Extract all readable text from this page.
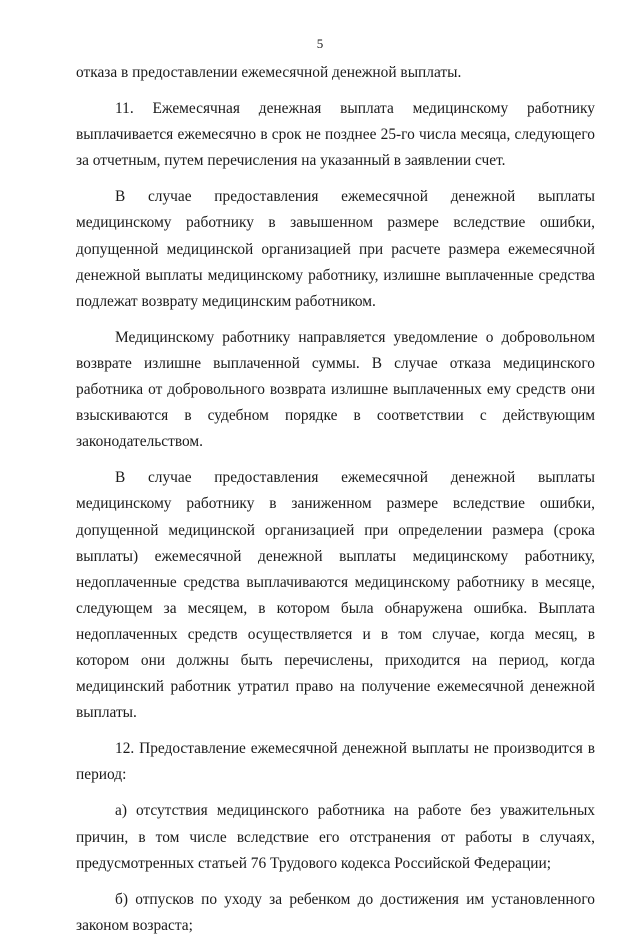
5

отказа в предоставлении ежемесячной денежной выплаты.

11. Ежемесячная денежная выплата медицинскому работнику выплачивается ежемесячно в срок не позднее 25-го числа месяца, следующего за отчетным, путем перечисления на указанный в заявлении счет.

В случае предоставления ежемесячной денежной выплаты медицинскому работнику в завышенном размере вследствие ошибки, допущенной медицинской организацией при расчете размера ежемесячной денежной выплаты медицинскому работнику, излишне выплаченные средства подлежат возврату медицинским работником.

Медицинскому работнику направляется уведомление о добровольном возврате излишне выплаченной суммы. В случае отказа медицинского работника от добровольного возврата излишне выплаченных ему средств они взыскиваются в судебном порядке в соответствии с действующим законодательством.

В случае предоставления ежемесячной денежной выплаты медицинскому работнику в заниженном размере вследствие ошибки, допущенной медицинской организацией при определении размера (срока выплаты) ежемесячной денежной выплаты медицинскому работнику, недоплаченные средства выплачиваются медицинскому работнику в месяце, следующем за месяцем, в котором была обнаружена ошибка. Выплата недоплаченных средств осуществляется и в том случае, когда месяц, в котором они должны быть перечислены, приходится на период, когда медицинский работник утратил право на получение ежемесячной денежной выплаты.

12. Предоставление ежемесячной денежной выплаты не производится в период:

а) отсутствия медицинского работника на работе без уважительных причин, в том числе вследствие его отстранения от работы в случаях, предусмотренных статьей 76 Трудового кодекса Российской Федерации;

б) отпусков по уходу за ребенком до достижения им установленного законом возраста;
